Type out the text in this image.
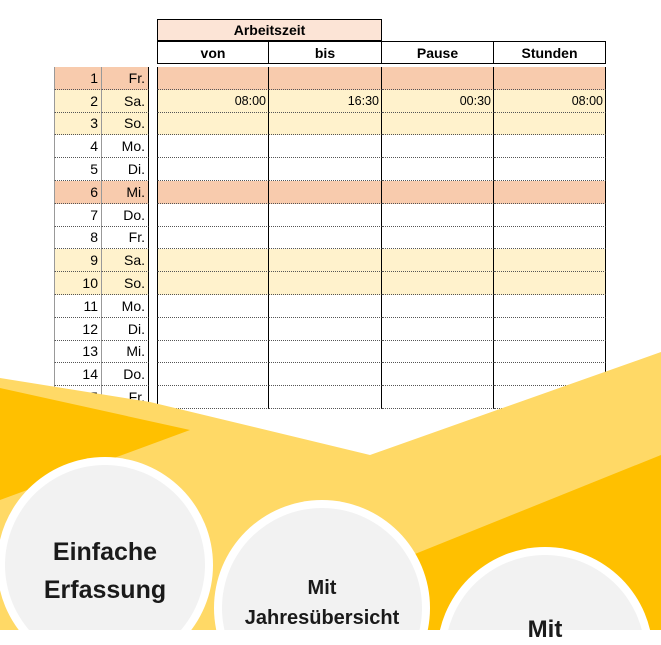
Arbeitszeit
von	bis	Pause	Stunden
1	Fr.
2	Sa.	08:00	16:30	00:30	08:00
3	So.
4	Mo.
5	Di.
6	Mi.
7	Do.
8	Fr.
9	Sa.
10	So.
11	Mo.
12	Di.
13	Mi.
14	Do.
Fr.
Einfache Erfassung	Mit Jahresübersicht	Mit
